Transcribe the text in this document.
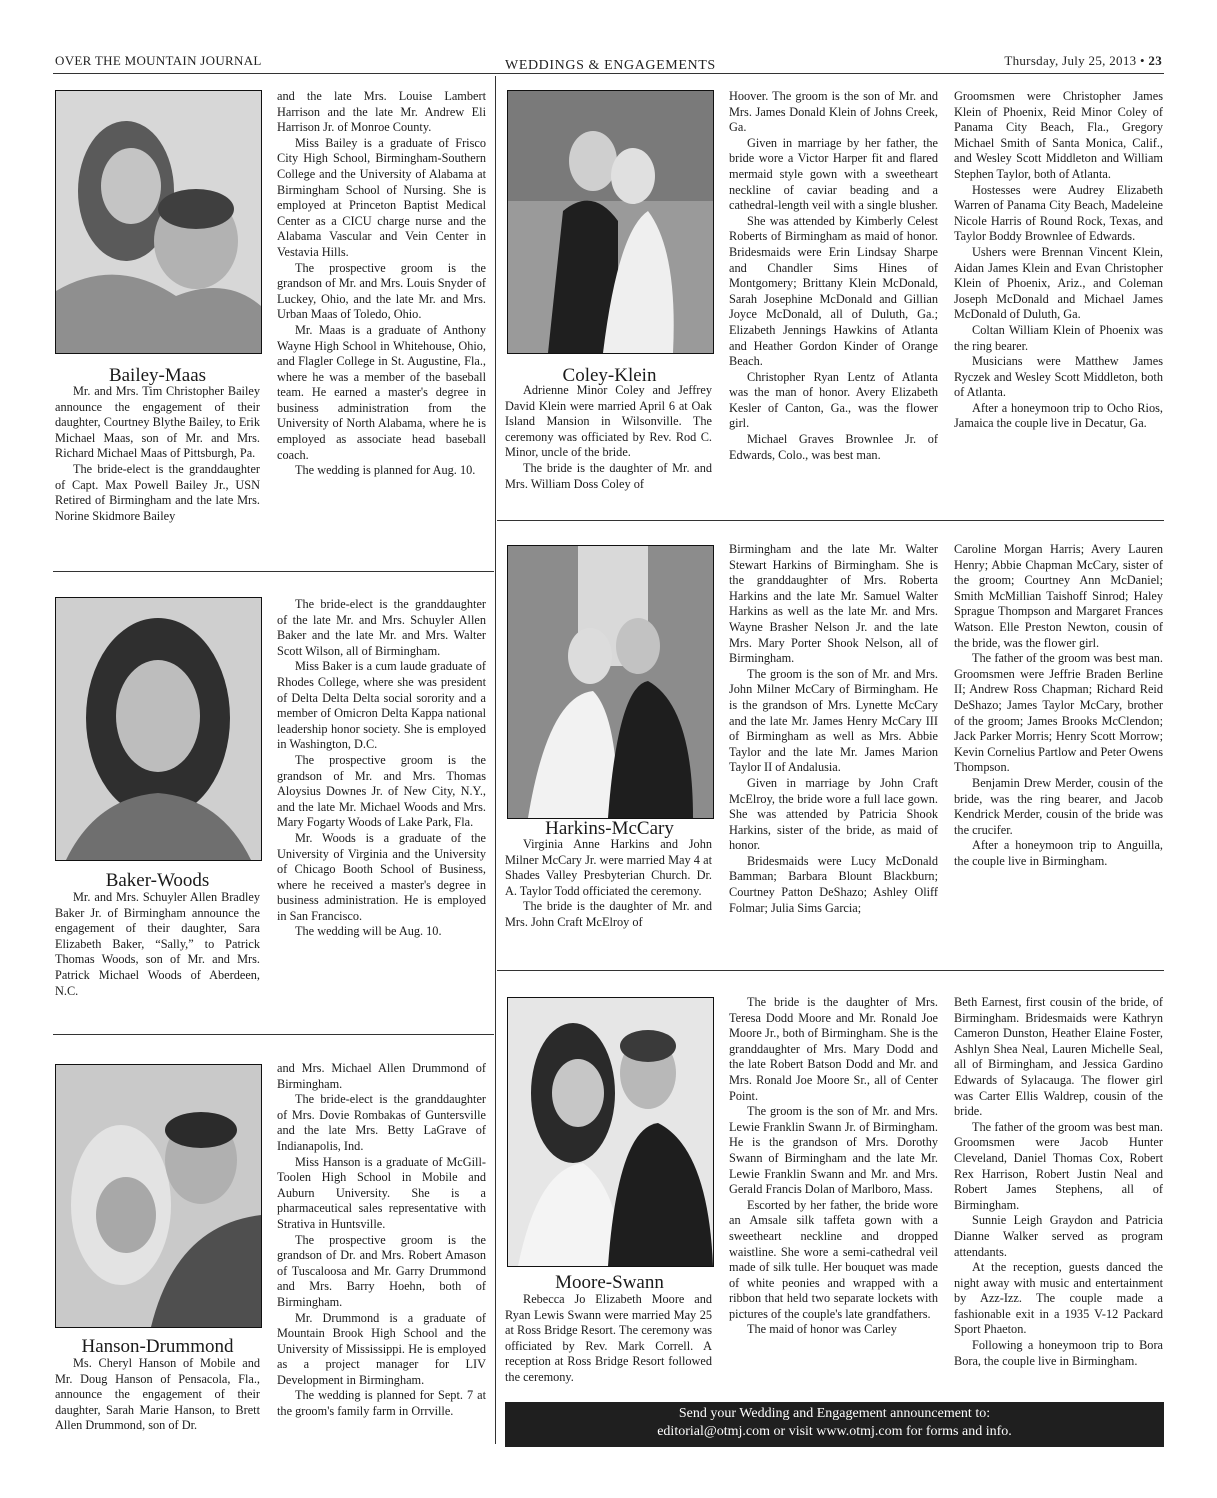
OVER THE MOUNTAIN JOURNAL	WEDDINGS & ENGAGEMENTS	Thursday, July 25, 2013 • 23
Bailey-Maas

Mr. and Mrs. Tim Christopher Bailey announce the engagement of their daughter, Courtney Blythe Bailey, to Erik Michael Maas, son of Mr. and Mrs. Richard Michael Maas of Pittsburgh, Pa.

The bride-elect is the granddaughter of Capt. Max Powell Bailey Jr., USN Retired of Birmingham and the late Mrs. Norine Skidmore Bailey

and the late Mrs. Louise Lambert Harrison and the late Mr. Andrew Eli Harrison Jr. of Monroe County.

Miss Bailey is a graduate of Frisco City High School, Birmingham-Southern College and the University of Alabama at Birmingham School of Nursing. She is employed at Princeton Baptist Medical Center as a CICU charge nurse and the Alabama Vascular and Vein Center in Vestavia Hills.

The prospective groom is the grandson of Mr. and Mrs. Louis Snyder of Luckey, Ohio, and the late Mr. and Mrs. Urban Maas of Toledo, Ohio.

Mr. Maas is a graduate of Anthony Wayne High School in Whitehouse, Ohio, and Flagler College in St. Augustine, Fla., where he was a member of the baseball team. He earned a master's degree in business administration from the University of North Alabama, where he is employed as associate head baseball coach.

The wedding is planned for Aug. 10.

Baker-Woods

Mr. and Mrs. Schuyler Allen Bradley Baker Jr. of Birmingham announce the engagement of their daughter, Sara Elizabeth Baker, “Sally,” to Patrick Thomas Woods, son of Mr. and Mrs. Patrick Michael Woods of Aberdeen, N.C.

The bride-elect is the granddaughter of the late Mr. and Mrs. Schuyler Allen Baker and the late Mr. and Mrs. Walter Scott Wilson, all of Birmingham.

Miss Baker is a cum laude graduate of Rhodes College, where she was president of Delta Delta Delta social sorority and a member of Omicron Delta Kappa national leadership honor society. She is employed in Washington, D.C.

The prospective groom is the grandson of Mr. and Mrs. Thomas Aloysius Downes Jr. of New City, N.Y., and the late Mr. Michael Woods and Mrs. Mary Fogarty Woods of Lake Park, Fla.

Mr. Woods is a graduate of the University of Virginia and the University of Chicago Booth School of Business, where he received a master's degree in business administration. He is employed in San Francisco.

The wedding will be Aug. 10.

Hanson-Drummond

Ms. Cheryl Hanson of Mobile and Mr. Doug Hanson of Pensacola, Fla., announce the engagement of their daughter, Sarah Marie Hanson, to Brett Allen Drummond, son of Dr.

and Mrs. Michael Allen Drummond of Birmingham.

The bride-elect is the granddaughter of Mrs. Dovie Rombakas of Guntersville and the late Mrs. Betty LaGrave of Indianapolis, Ind.

Miss Hanson is a graduate of McGill-Toolen High School in Mobile and Auburn University. She is a pharmaceutical sales representative with Strativa in Huntsville.

The prospective groom is the grandson of Dr. and Mrs. Robert Amason of Tuscaloosa and Mr. Garry Drummond and Mrs. Barry Hoehn, both of Birmingham.

Mr. Drummond is a graduate of Mountain Brook High School and the University of Mississippi. He is employed as a project manager for LIV Development in Birmingham.

The wedding is planned for Sept. 7 at the groom's family farm in Orrville.

Coley-Klein

Adrienne Minor Coley and Jeffrey David Klein were married April 6 at Oak Island Mansion in Wilsonville. The ceremony was officiated by Rev. Rod C. Minor, uncle of the bride.

The bride is the daughter of Mr. and Mrs. William Doss Coley of

Hoover. The groom is the son of Mr. and Mrs. James Donald Klein of Johns Creek, Ga.

Given in marriage by her father, the bride wore a Victor Harper fit and flared mermaid style gown with a sweetheart neckline of caviar beading and a cathedral-length veil with a single blusher.

She was attended by Kimberly Celest Roberts of Birmingham as maid of honor. Bridesmaids were Erin Lindsay Sharpe and Chandler Sims Hines of Montgomery; Brittany Klein McDonald, Sarah Josephine McDonald and Gillian Joyce McDonald, all of Duluth, Ga.; Elizabeth Jennings Hawkins of Atlanta and Heather Gordon Kinder of Orange Beach.

Christopher Ryan Lentz of Atlanta was the man of honor. Avery Elizabeth Kesler of Canton, Ga., was the flower girl.

Michael Graves Brownlee Jr. of Edwards, Colo., was best man.

Groomsmen were Christopher James Klein of Phoenix, Reid Minor Coley of Panama City Beach, Fla., Gregory Michael Smith of Santa Monica, Calif., and Wesley Scott Middleton and William Stephen Taylor, both of Atlanta.

Hostesses were Audrey Elizabeth Warren of Panama City Beach, Madeleine Nicole Harris of Round Rock, Texas, and Taylor Boddy Brownlee of Edwards.

Ushers were Brennan Vincent Klein, Aidan James Klein and Evan Christopher Klein of Phoenix, Ariz., and Coleman Joseph McDonald and Michael James McDonald of Duluth, Ga.

Coltan William Klein of Phoenix was the ring bearer.

Musicians were Matthew James Ryczek and Wesley Scott Middleton, both of Atlanta.

After a honeymoon trip to Ocho Rios, Jamaica the couple live in Decatur, Ga.

Harkins-McCary

Virginia Anne Harkins and John Milner McCary Jr. were married May 4 at Shades Valley Presbyterian Church. Dr. A. Taylor Todd officiated the ceremony.

The bride is the daughter of Mr. and Mrs. John Craft McElroy of

Birmingham and the late Mr. Walter Stewart Harkins of Birmingham. She is the granddaughter of Mrs. Roberta Harkins and the late Mr. Samuel Walter Harkins as well as the late Mr. and Mrs. Wayne Brasher Nelson Jr. and the late Mrs. Mary Porter Shook Nelson, all of Birmingham.

The groom is the son of Mr. and Mrs. John Milner McCary of Birmingham. He is the grandson of Mrs. Lynette McCary and the late Mr. James Henry McCary III of Birmingham as well as Mrs. Abbie Taylor and the late Mr. James Marion Taylor II of Andalusia.

Given in marriage by John Craft McElroy, the bride wore a full lace gown. She was attended by Patricia Shook Harkins, sister of the bride, as maid of honor.

Bridesmaids were Lucy McDonald Bamman; Barbara Blount Blackburn; Courtney Patton DeShazo; Ashley Oliff Folmar; Julia Sims Garcia;

Caroline Morgan Harris; Avery Lauren Henry; Abbie Chapman McCary, sister of the groom; Courtney Ann McDaniel; Smith McMillian Taishoff Sinrod; Haley Sprague Thompson and Margaret Frances Watson. Elle Preston Newton, cousin of the bride, was the flower girl.

The father of the groom was best man. Groomsmen were Jeffrie Braden Berline II; Andrew Ross Chapman; Richard Reid DeShazo; James Taylor McCary, brother of the groom; James Brooks McClendon; Jack Parker Morris; Henry Scott Morrow; Kevin Cornelius Partlow and Peter Owens Thompson.

Benjamin Drew Merder, cousin of the bride, was the ring bearer, and Jacob Kendrick Merder, cousin of the bride was the crucifer.

After a honeymoon trip to Anguilla, the couple live in Birmingham.

Moore-Swann

Rebecca Jo Elizabeth Moore and Ryan Lewis Swann were married May 25 at Ross Bridge Resort. The ceremony was officiated by Rev. Mark Correll. A reception at Ross Bridge Resort followed the ceremony.

The bride is the daughter of Mrs. Teresa Dodd Moore and Mr. Ronald Joe Moore Jr., both of Birmingham. She is the granddaughter of Mrs. Mary Dodd and the late Robert Batson Dodd and Mr. and Mrs. Ronald Joe Moore Sr., all of Center Point.

The groom is the son of Mr. and Mrs. Lewie Franklin Swann Jr. of Birmingham. He is the grandson of Mrs. Dorothy Swann of Birmingham and the late Mr. Lewie Franklin Swann and Mr. and Mrs. Gerald Francis Dolan of Marlboro, Mass.

Escorted by her father, the bride wore an Amsale silk taffeta gown with a sweetheart neckline and dropped waistline. She wore a semi-cathedral veil made of silk tulle. Her bouquet was made of white peonies and wrapped with a ribbon that held two separate lockets with pictures of the couple's late grandfathers.

The maid of honor was Carley

Beth Earnest, first cousin of the bride, of Birmingham. Bridesmaids were Kathryn Cameron Dunston, Heather Elaine Foster, Ashlyn Shea Neal, Lauren Michelle Seal, all of Birmingham, and Jessica Gardino Edwards of Sylacauga. The flower girl was Carter Ellis Waldrep, cousin of the bride.

The father of the groom was best man. Groomsmen were Jacob Hunter Cleveland, Daniel Thomas Cox, Robert Rex Harrison, Robert Justin Neal and Robert James Stephens, all of Birmingham.

Sunnie Leigh Graydon and Patricia Dianne Walker served as program attendants.

At the reception, guests danced the night away with music and entertainment by Azz-Izz. The couple made a fashionable exit in a 1935 V-12 Packard Sport Phaeton.

Following a honeymoon trip to Bora Bora, the couple live in Birmingham.

Send your Wedding and Engagement announcement to:
editorial@otmj.com or visit www.otmj.com for forms and info.
